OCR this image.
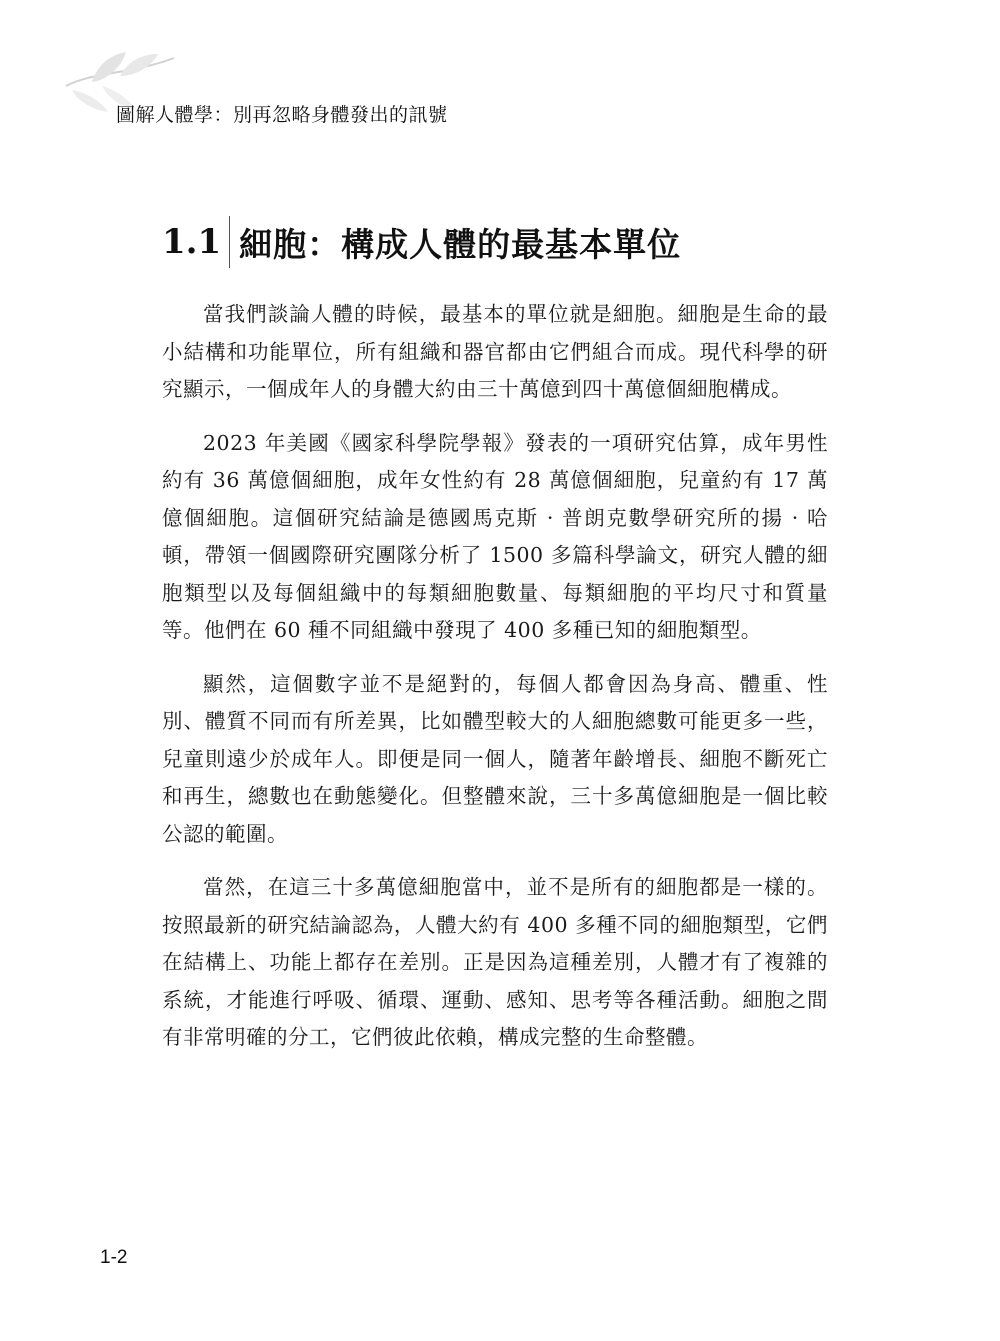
圖解人體學：別再忽略身體發出的訊號
1.1 細胞：構成人體的最基本單位

當我們談論人體的時候，最基本的單位就是細胞。細胞是生命的最小結構和功能單位，所有組織和器官都由它們組合而成。現代科學的研究顯示，一個成年人的身體大約由三十萬億到四十萬億個細胞構成。

2023 年美國《國家科學院學報》發表的一項研究估算，成年男性約有 36 萬億個細胞，成年女性約有 28 萬億個細胞，兒童約有 17 萬億個細胞。這個研究結論是德國馬克斯 · 普朗克數學研究所的揚 · 哈頓，帶領一個國際研究團隊分析了 1500 多篇科學論文，研究人體的細胞類型以及每個組織中的每類細胞數量、每類細胞的平均尺寸和質量等。他們在 60 種不同組織中發現了 400 多種已知的細胞類型。

顯然，這個數字並不是絕對的，每個人都會因為身高、體重、性別、體質不同而有所差異，比如體型較大的人細胞總數可能更多一些，兒童則遠少於成年人。即便是同一個人，隨著年齡增長、細胞不斷死亡和再生，總數也在動態變化。但整體來說，三十多萬億細胞是一個比較公認的範圍。

當然，在這三十多萬億細胞當中，並不是所有的細胞都是一樣的。按照最新的研究結論認為，人體大約有 400 多種不同的細胞類型，它們在結構上、功能上都存在差別。正是因為這種差別，人體才有了複雜的系統，才能進行呼吸、循環、運動、感知、思考等各種活動。細胞之間有非常明確的分工，它們彼此依賴，構成完整的生命整體。

1-2
